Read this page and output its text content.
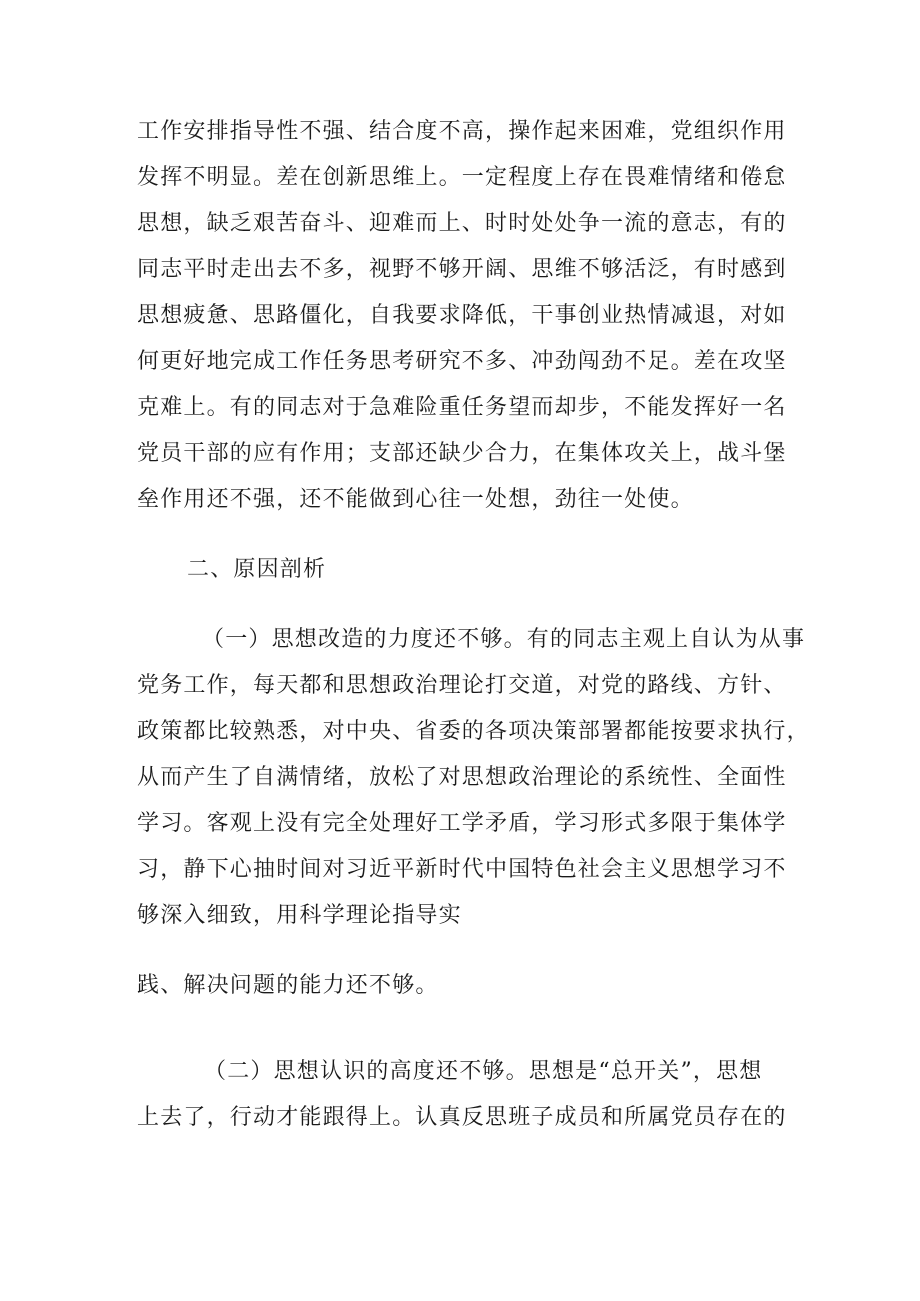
工作安排指导性不强、结合度不高，操作起来困难，党组织作用
发挥不明显。差在创新思维上。一定程度上存在畏难情绪和倦怠
思想，缺乏艰苦奋斗、迎难而上、时时处处争一流的意志，有的
同志平时走出去不多，视野不够开阔、思维不够活泛，有时感到
思想疲惫、思路僵化，自我要求降低，干事创业热情减退，对如
何更好地完成工作任务思考研究不多、冲劲闯劲不足。差在攻坚
克难上。有的同志对于急难险重任务望而却步，不能发挥好一名
党员干部的应有作用；支部还缺少合力，在集体攻关上，战斗堡
垒作用还不强，还不能做到心往一处想，劲往一处使。
二、原因剖析
（一）思想改造的力度还不够。有的同志主观上自认为从事
党务工作，每天都和思想政治理论打交道，对党的路线、方针、
政策都比较熟悉，对中央、省委的各项决策部署都能按要求执行，
从而产生了自满情绪，放松了对思想政治理论的系统性、全面性
学习。客观上没有完全处理好工学矛盾，学习形式多限于集体学
习，静下心抽时间对习近平新时代中国特色社会主义思想学习不
够深入细致，用科学理论指导实
践、解决问题的能力还不够。
（二）思想认识的高度还不够。思想是“总开关”，思想
上去了，行动才能跟得上。认真反思班子成员和所属党员存在的
